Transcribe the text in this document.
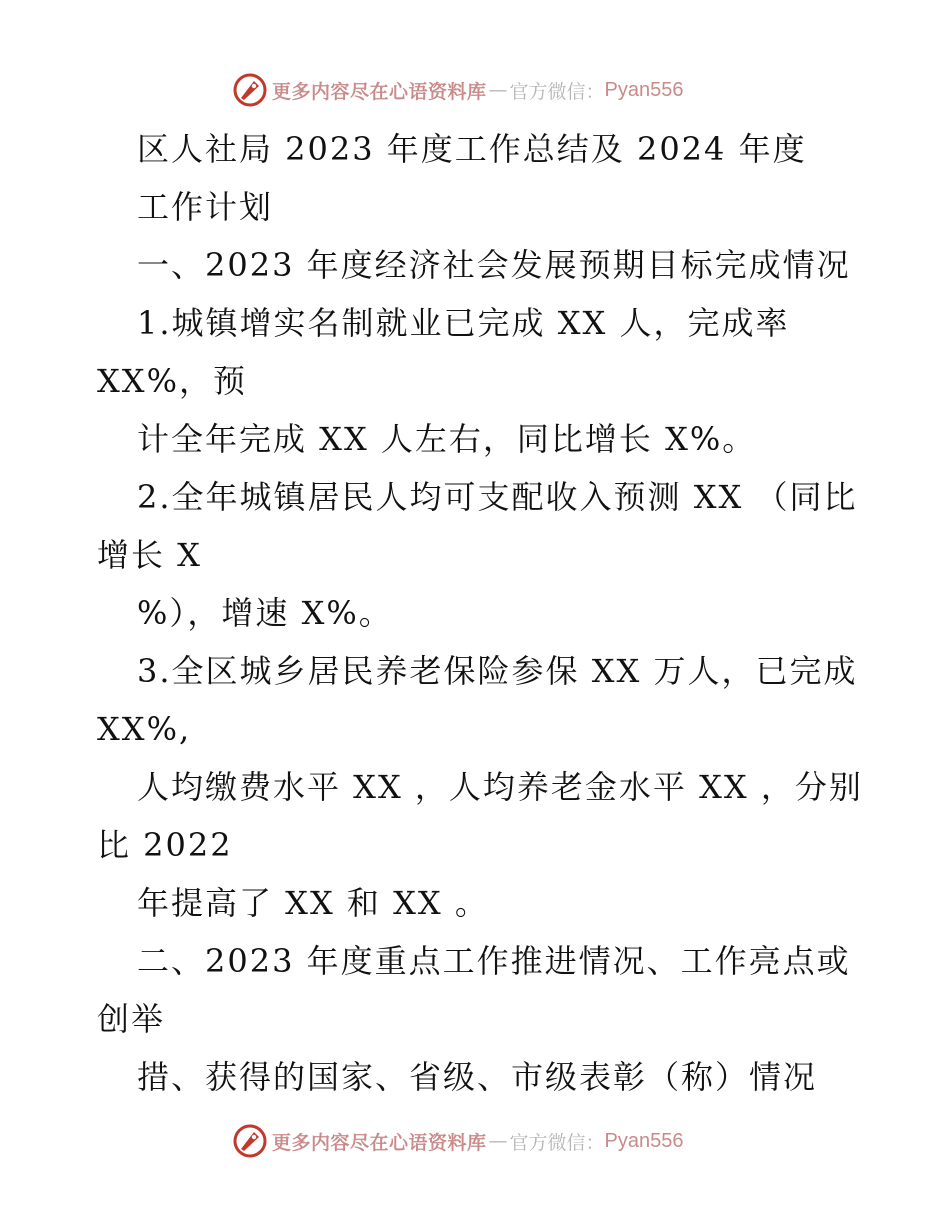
更多内容尽在心语资料库 — 官方微信： Pyan556
区人社局 2023 年度工作总结及 2024 年度
工作计划
一、2023 年度经济社会发展预期目标完成情况
1.城镇增实名制就业已完成 XX 人，完成率
XX%，预
计全年完成 XX 人左右，同比增长 X%。
2.全年城镇居民人均可支配收入预测 XX （同比
增长 X
%），增速 X%。
3.全区城乡居民养老保险参保 XX 万人，已完成
XX%,
人均缴费水平 XX ，人均养老金水平 XX ，分别
比 2022
年提高了 XX 和 XX 。
二、2023 年度重点工作推进情况、工作亮点或
创举
措、获得的国家、省级、市级表彰（称）情况
更多内容尽在心语资料库 — 官方微信： Pyan556
